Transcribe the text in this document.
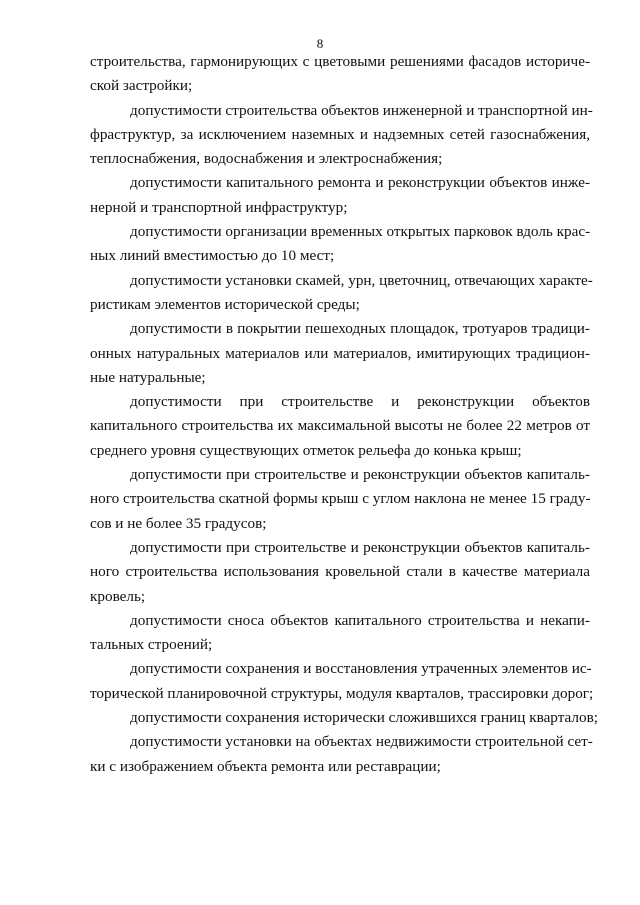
8
строительства, гармонирующих с цветовыми решениями фасадов историче-
ской застройки;
допустимости строительства объектов инженерной и транспортной ин-
фраструктур, за исключением наземных и надземных сетей газоснабжения,
теплоснабжения, водоснабжения и электроснабжения;
допустимости капитального ремонта и реконструкции объектов инже-
нерной и транспортной инфраструктур;
допустимости организации временных открытых парковок вдоль крас-
ных линий вместимостью до 10 мест;
допустимости установки скамей, урн, цветочниц, отвечающих характе-
ристикам элементов исторической среды;
допустимости в покрытии пешеходных площадок, тротуаров традици-
онных натуральных материалов или материалов, имитирующих традицион-
ные натуральные;
допустимости при строительстве и реконструкции объектов
капитального строительства их максимальной высоты не более 22 метров от
среднего уровня существующих отметок рельефа до конька крыш;
допустимости при строительстве и реконструкции объектов капиталь-
ного строительства скатной формы крыш с углом наклона не менее 15 граду-
сов и не более 35 градусов;
допустимости при строительстве и реконструкции объектов капиталь-
ного строительства использования кровельной стали в качестве материала
кровель;
допустимости сноса объектов капитального строительства и некапи-
тальных строений;
допустимости сохранения и восстановления утраченных элементов ис-
торической планировочной структуры, модуля кварталов, трассировки дорог;
допустимости сохранения исторически сложившихся границ кварталов;
допустимости установки на объектах недвижимости строительной сет-
ки с изображением объекта ремонта или реставрации;
